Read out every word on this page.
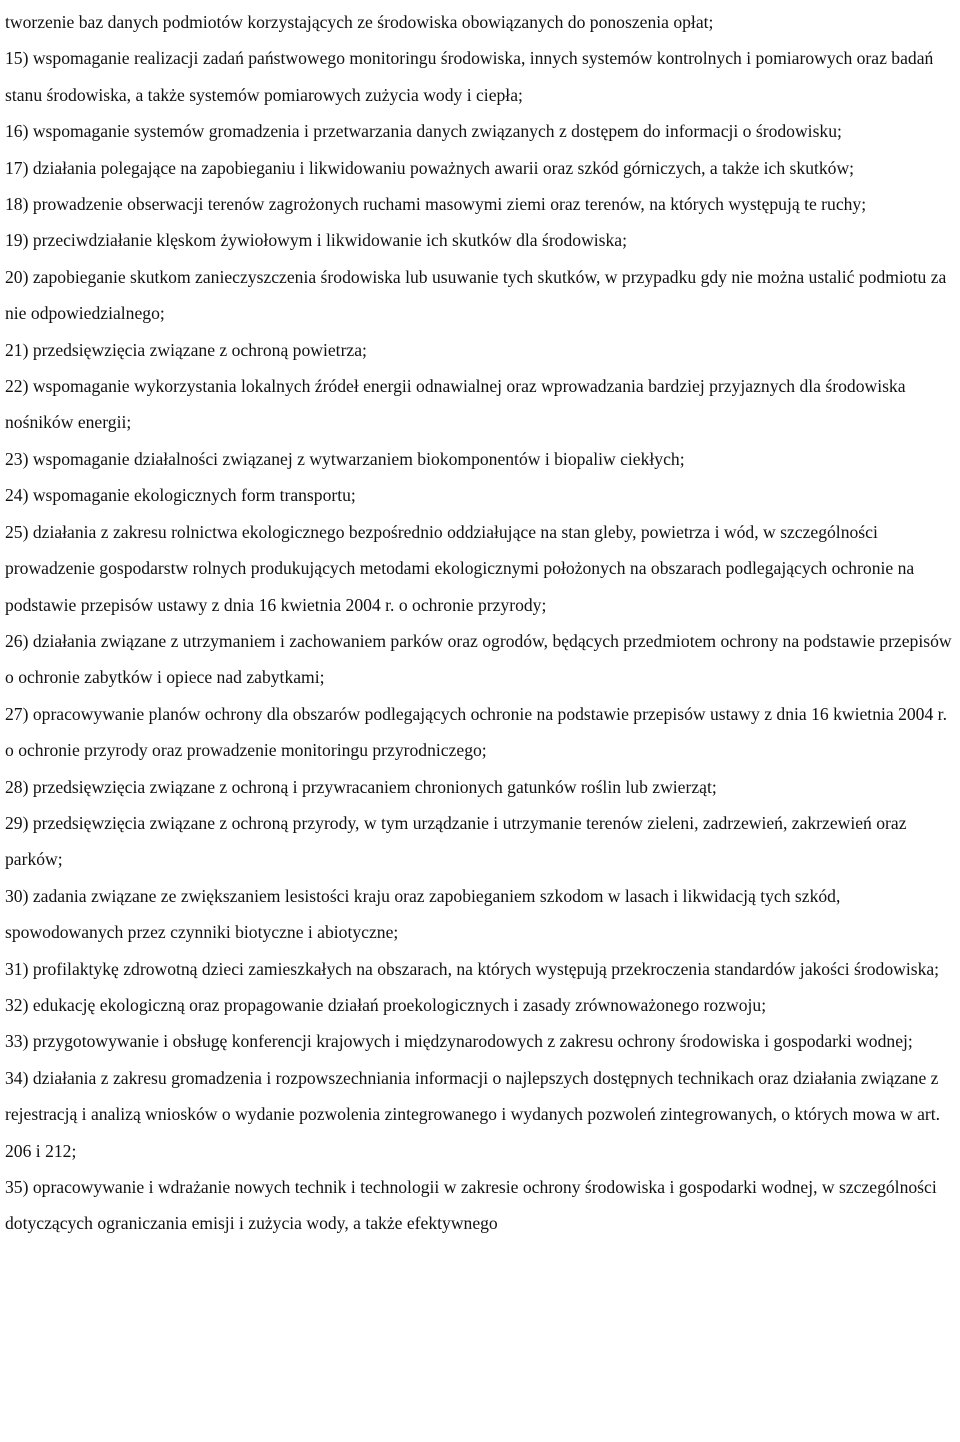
tworzenie baz danych podmiotów korzystających ze środowiska obowiązanych do ponoszenia opłat;

15) wspomaganie realizacji zadań państwowego monitoringu środowiska, innych systemów kontrolnych i pomiarowych oraz badań stanu środowiska, a także systemów pomiarowych zużycia wody i ciepła;

16) wspomaganie systemów gromadzenia i przetwarzania danych związanych z dostępem do informacji o środowisku;

17) działania polegające na zapobieganiu i likwidowaniu poważnych awarii oraz szkód górniczych, a także ich skutków;

18) prowadzenie obserwacji terenów zagrożonych ruchami masowymi ziemi oraz terenów, na których występują te ruchy;

19) przeciwdziałanie klęskom żywiołowym i likwidowanie ich skutków dla środowiska;

20) zapobieganie skutkom zanieczyszczenia środowiska lub usuwanie tych skutków, w przypadku gdy nie można ustalić podmiotu za nie odpowiedzialnego;

21) przedsięwzięcia związane z ochroną powietrza;

22) wspomaganie wykorzystania lokalnych źródeł energii odnawialnej oraz wprowadzania bardziej przyjaznych dla środowiska nośników energii;

23) wspomaganie działalności związanej z wytwarzaniem biokomponentów i biopaliw ciekłych;

24) wspomaganie ekologicznych form transportu;

25) działania z zakresu rolnictwa ekologicznego bezpośrednio oddziałujące na stan gleby, powietrza i wód, w szczególności prowadzenie gospodarstw rolnych produkujących metodami ekologicznymi położonych na obszarach podlegających ochronie na podstawie przepisów ustawy z dnia 16 kwietnia 2004 r. o ochronie przyrody;

26) działania związane z utrzymaniem i zachowaniem parków oraz ogrodów, będących przedmiotem ochrony na podstawie przepisów o ochronie zabytków i opiece nad zabytkami;

27) opracowywanie planów ochrony dla obszarów podlegających ochronie na podstawie przepisów ustawy z dnia 16 kwietnia 2004 r. o ochronie przyrody oraz prowadzenie monitoringu przyrodniczego;

28) przedsięwzięcia związane z ochroną i przywracaniem chronionych gatunków roślin lub zwierząt;

29) przedsięwzięcia związane z ochroną przyrody, w tym urządzanie i utrzymanie terenów zieleni, zadrzewień, zakrzewień oraz parków;

30) zadania związane ze zwiększaniem lesistości kraju oraz zapobieganiem szkodom w lasach i likwidacją tych szkód, spowodowanych przez czynniki biotyczne i abiotyczne;

31) profilaktykę zdrowotną dzieci zamieszkałych na obszarach, na których występują przekroczenia standardów jakości środowiska;

32) edukację ekologiczną oraz propagowanie działań proekologicznych i zasady zrównoważonego rozwoju;

33) przygotowywanie i obsługę konferencji krajowych i międzynarodowych z zakresu ochrony środowiska i gospodarki wodnej;

34) działania z zakresu gromadzenia i rozpowszechniania informacji o najlepszych dostępnych technikach oraz działania związane z rejestracją i analizą wniosków o wydanie pozwolenia zintegrowanego i wydanych pozwoleń zintegrowanych, o których mowa w art. 206 i 212;

35) opracowywanie i wdrażanie nowych technik i technologii w zakresie ochrony środowiska i gospodarki wodnej, w szczególności dotyczących ograniczania emisji i zużycia wody, a także efektywnego
